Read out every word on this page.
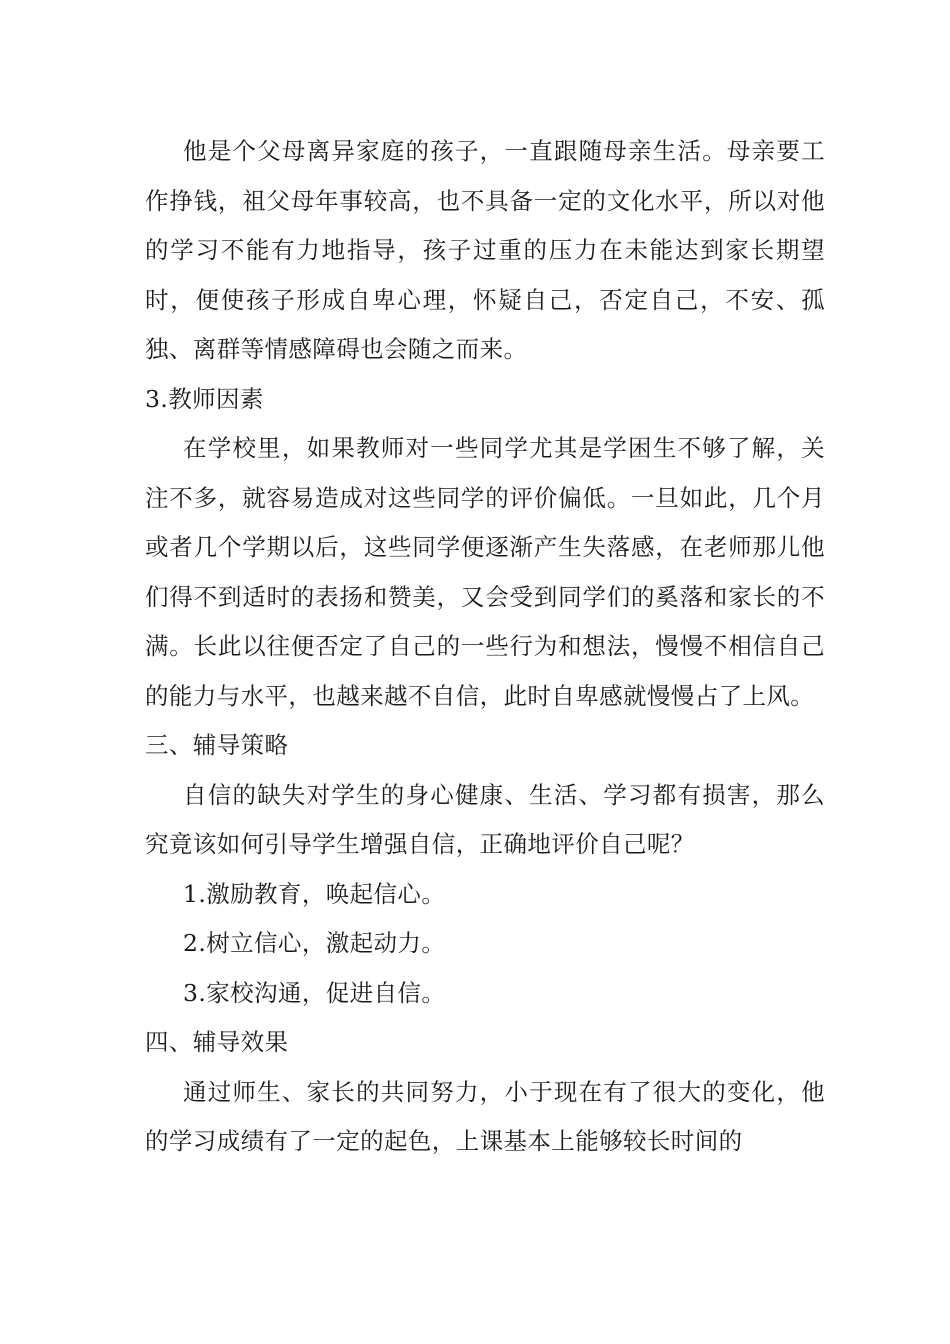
他是个父母离异家庭的孩子，一直跟随母亲生活。母亲要工作挣钱，祖父母年事较高，也不具备一定的文化水平，所以对他的学习不能有力地指导，孩子过重的压力在未能达到家长期望时，便使孩子形成自卑心理，怀疑自己，否定自己，不安、孤独、离群等情感障碍也会随之而来。

3.教师因素

在学校里，如果教师对一些同学尤其是学困生不够了解，关注不多，就容易造成对这些同学的评价偏低。一旦如此，几个月或者几个学期以后，这些同学便逐渐产生失落感，在老师那儿他们得不到适时的表扬和赞美，又会受到同学们的奚落和家长的不满。长此以往便否定了自己的一些行为和想法，慢慢不相信自己的能力与水平，也越来越不自信，此时自卑感就慢慢占了上风。

三、辅导策略

自信的缺失对学生的身心健康、生活、学习都有损害，那么究竟该如何引导学生增强自信，正确地评价自己呢？

1.激励教育，唤起信心。

2.树立信心，激起动力。

3.家校沟通，促进自信。

四、辅导效果

通过师生、家长的共同努力，小于现在有了很大的变化，他的学习成绩有了一定的起色，上课基本上能够较长时间的
